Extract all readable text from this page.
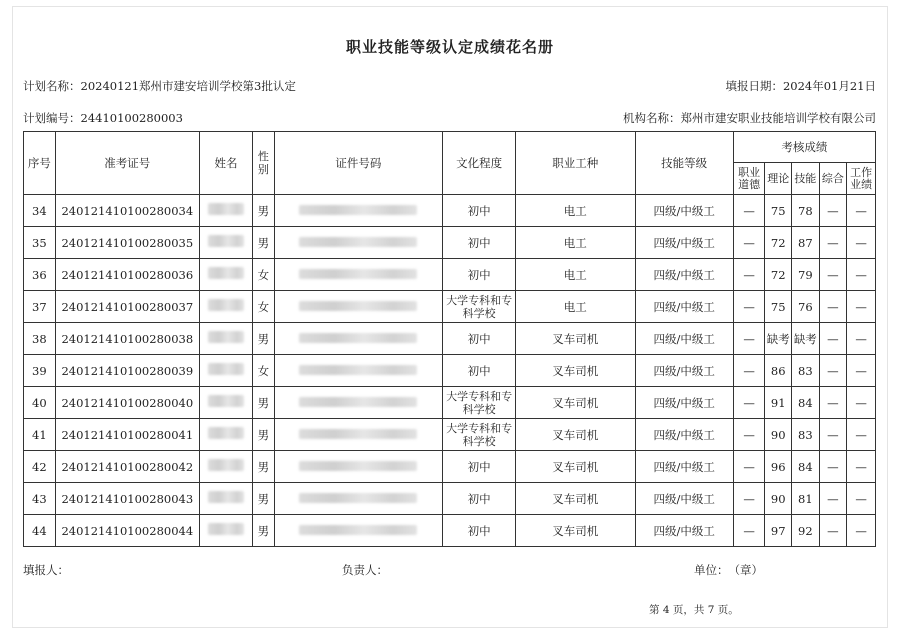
职业技能等级认定成绩花名册
计划名称：20240121郑州市建安培训学校第3批认定	填报日期：2024年01月21日
计划编号：24410100280003	机构名称：郑州市建安职业技能培训学校有限公司
序号	准考证号	姓名	性别	证件号码	文化程度	职业工种	技能等级	考核成绩				
								职业道德	理论	技能	综合	工作业绩
34	240121410100280034		男		初中	电工	四级/中级工	—	75	78	—	—
35	240121410100280035		男		初中	电工	四级/中级工	—	72	87	—	—
36	240121410100280036		女		初中	电工	四级/中级工	—	72	79	—	—
37	240121410100280037		女		大学专科和专科学校	电工	四级/中级工	—	75	76	—	—
38	240121410100280038		男		初中	叉车司机	四级/中级工	—	缺考	缺考	—	—
39	240121410100280039		女		初中	叉车司机	四级/中级工	—	86	83	—	—
40	240121410100280040		男		大学专科和专科学校	叉车司机	四级/中级工	—	91	84	—	—
41	240121410100280041		男		大学专科和专科学校	叉车司机	四级/中级工	—	90	83	—	—
42	240121410100280042		男		初中	叉车司机	四级/中级工	—	96	84	—	—
43	240121410100280043		男		初中	叉车司机	四级/中级工	—	90	81	—	—
44	240121410100280044		男		初中	叉车司机	四级/中级工	—	97	92	—	—
填报人：	负责人：	单位：　（章）
第 4 页，共 7 页。
